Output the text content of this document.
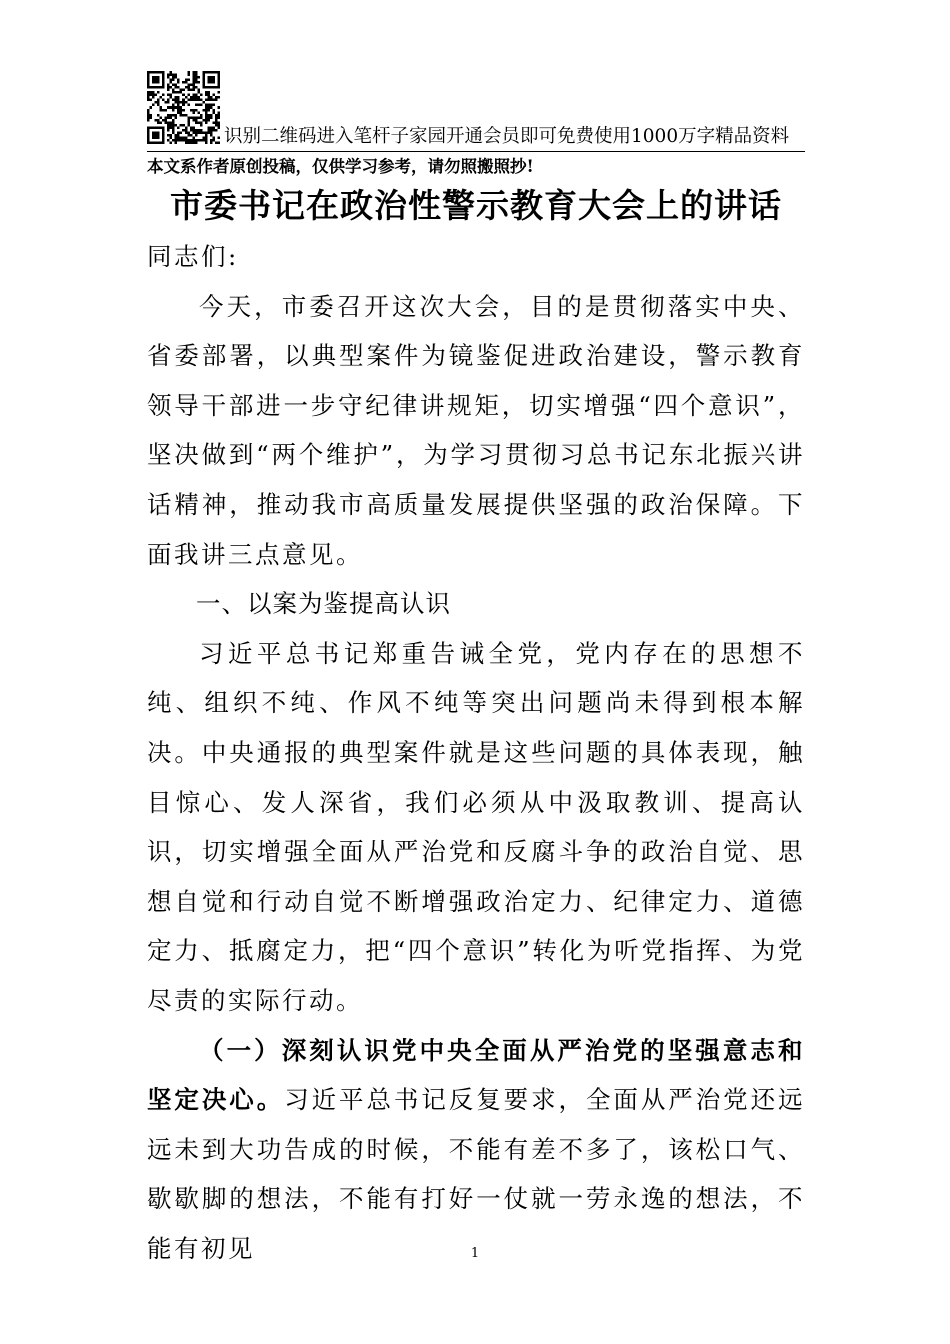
识别二维码进入笔杆子家园开通会员即可免费使用1000万字精品资料
本文系作者原创投稿，仅供学习参考，请勿照搬照抄!
市委书记在政治性警示教育大会上的讲话

同志们:

今天，市委召开这次大会，目的是贯彻落实中央、省委部署，以典型案件为镜鉴促进政治建设，警示教育领导干部进一步守纪律讲规矩，切实增强“四个意识”，坚决做到“两个维护”，为学习贯彻习总书记东北振兴讲话精神，推动我市高质量发展提供坚强的政治保障。下面我讲三点意见。

一、以案为鉴提高认识

习近平总书记郑重告诫全党，党内存在的思想不纯、组织不纯、作风不纯等突出问题尚未得到根本解决。中央通报的典型案件就是这些问题的具体表现，触目惊心、发人深省，我们必须从中汲取教训、提高认识，切实增强全面从严治党和反腐斗争的政治自觉、思想自觉和行动自觉不断增强政治定力、纪律定力、道德定力、抵腐定力，把“四个意识”转化为听党指挥、为党尽责的实际行动。

（一）深刻认识党中央全面从严治党的坚强意志和坚定决心。习近平总书记反复要求，全面从严治党还远远未到大功告成的时候，不能有差不多了，该松口气、歇歇脚的想法，不能有打好一仗就一劳永逸的想法，不能有初见	1
